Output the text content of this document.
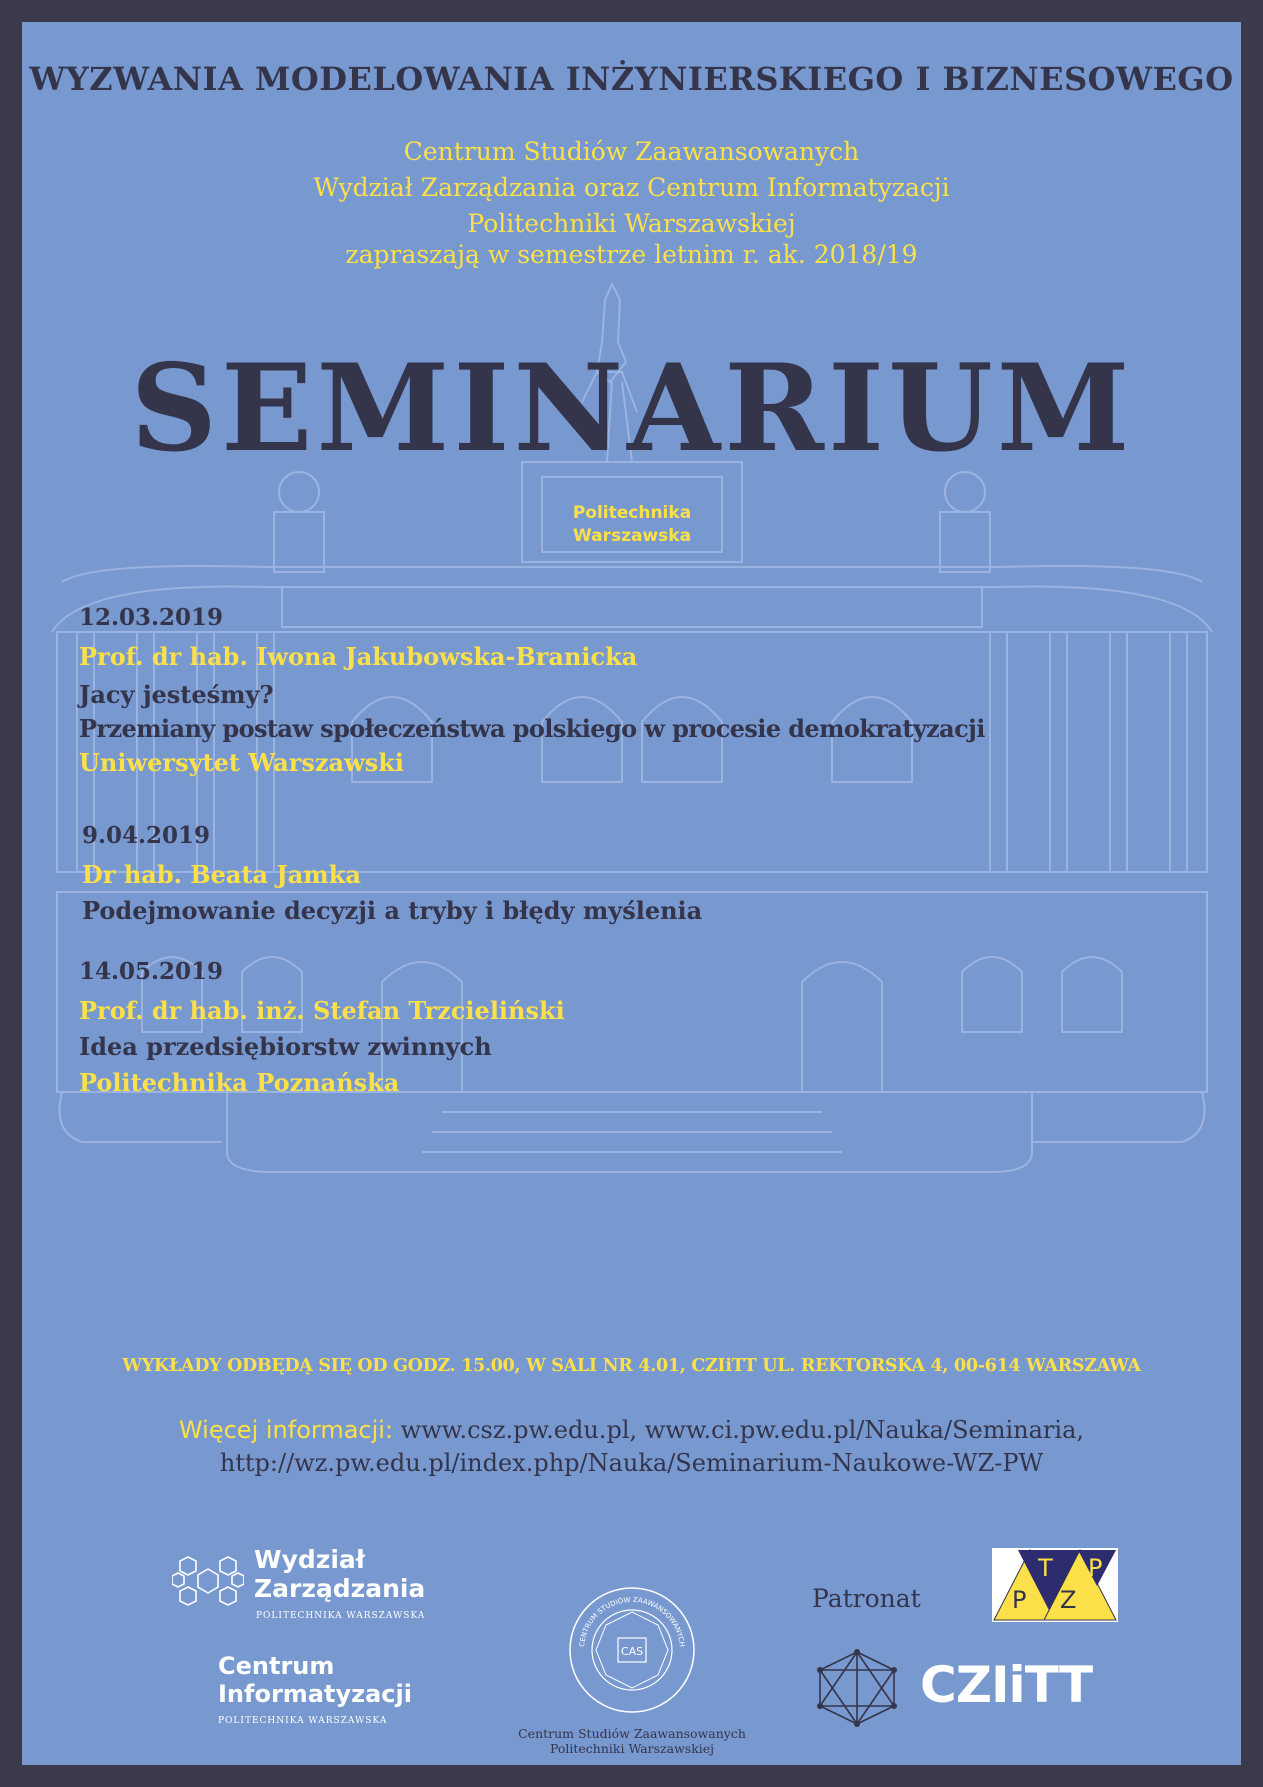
WYZWANIA MODELOWANIA INŻYNIERSKIEGO I BIZNESOWEGO
Centrum Studiów Zaawansowanych
Wydział Zarządzania oraz Centrum Informatyzacji
Politechniki Warszawskiej
zapraszają w semestrze letnim r. ak. 2018/19
SEMINARIUM
Politechnika
Warszawska
12.03.2019
Prof. dr hab. Iwona Jakubowska-Branicka
Jacy jesteśmy?
Przemiany postaw społeczeństwa polskiego w procesie demokratyzacji
Uniwersytet Warszawski
9.04.2019
Dr hab. Beata Jamka
Podejmowanie decyzji a tryby i błędy myślenia
14.05.2019
Prof. dr hab. inż. Stefan Trzcieliński
Idea przedsiębiorstw zwinnych
Politechnika Poznańska
WYKŁADY ODBĘDĄ SIĘ OD GODZ. 15.00, W SALI NR 4.01, CZIiTT UL. REKTORSKA 4, 00-614 WARSZAWA
Więcej informacji: www.csz.pw.edu.pl, www.ci.pw.edu.pl/Nauka/Seminaria,
http://wz.pw.edu.pl/index.php/Nauka/Seminarium-Naukowe-WZ-PW
Wydział
Zarządzania
POLITECHNIKA WARSZAWSKA
Centrum
Informatyzacji
POLITECHNIKA WARSZAWSKA
CAS
CENTRUM STUDIÓW ZAAWANSOWANYCH
Centrum Studiów Zaawansowanych
Politechniki Warszawskiej
Patronat	P
T
Z
P
CZIiTT
